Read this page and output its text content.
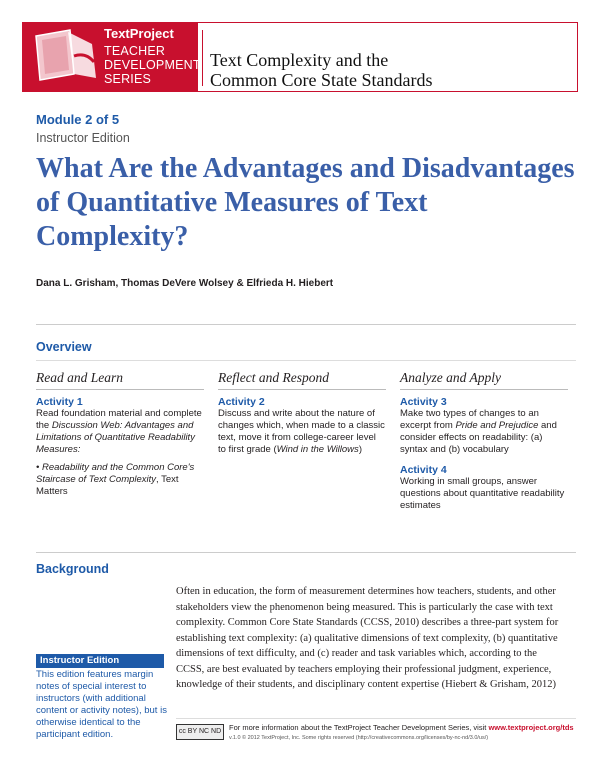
TextProject
TEACHER
DEVELOPMENT
SERIES
Text Complexity and the
Common Core State Standards
Module 2 of 5
Instructor Edition
What Are the Advantages and Disadvantages of Quantitative Measures of Text Complexity?
Dana L. Grisham, Thomas DeVere Wolsey & Elfrieda H. Hiebert
Overview
Read and Learn
Activity 1

Read foundation material and complete the Discussion Web: Advantages and Limitations of Quantitative Readability Measures:

• Readability and the Common Core's Staircase of Text Complexity, Text Matters

Reflect and Respond
Activity 2

Discuss and write about the nature of changes which, when made to a classic text, move it from college-career level to first grade (Wind in the Willows)

Analyze and Apply
Activity 3

Make two types of changes to an excerpt from Pride and Prejudice and consider effects on readability: (a) syntax and (b) vocabulary

Activity 4

Working in small groups, answer questions about quantitative readability estimates

Background

Often in education, the form of measurement determines how teachers, students, and other stakeholders view the phenomenon being measured. This is particularly the case with text complexity. Common Core State Standards (CCSS, 2010) describes a three-part system for establishing text complexity: (a) qualitative dimensions of text complexity, (b) quantitative dimensions of text difficulty, and (c) reader and task variables which, according to the CCSS, are best evaluated by teachers employing their professional judgment, experience, knowledge of their students, and disciplinary content expertise (Hiebert & Grisham, 2012)

Instructor Edition

This edition features margin notes of special interest to instructors (with additional content or activity notes), but is otherwise identical to the participant edition.	cc BY NC ND	For more information about the TextProject Teacher Development Series, visit www.textproject.org/tds
v.1.0 © 2012 TextProject, Inc. Some rights reserved (http://creativecommons.org/licenses/by-nc-nd/3.0/us/)
